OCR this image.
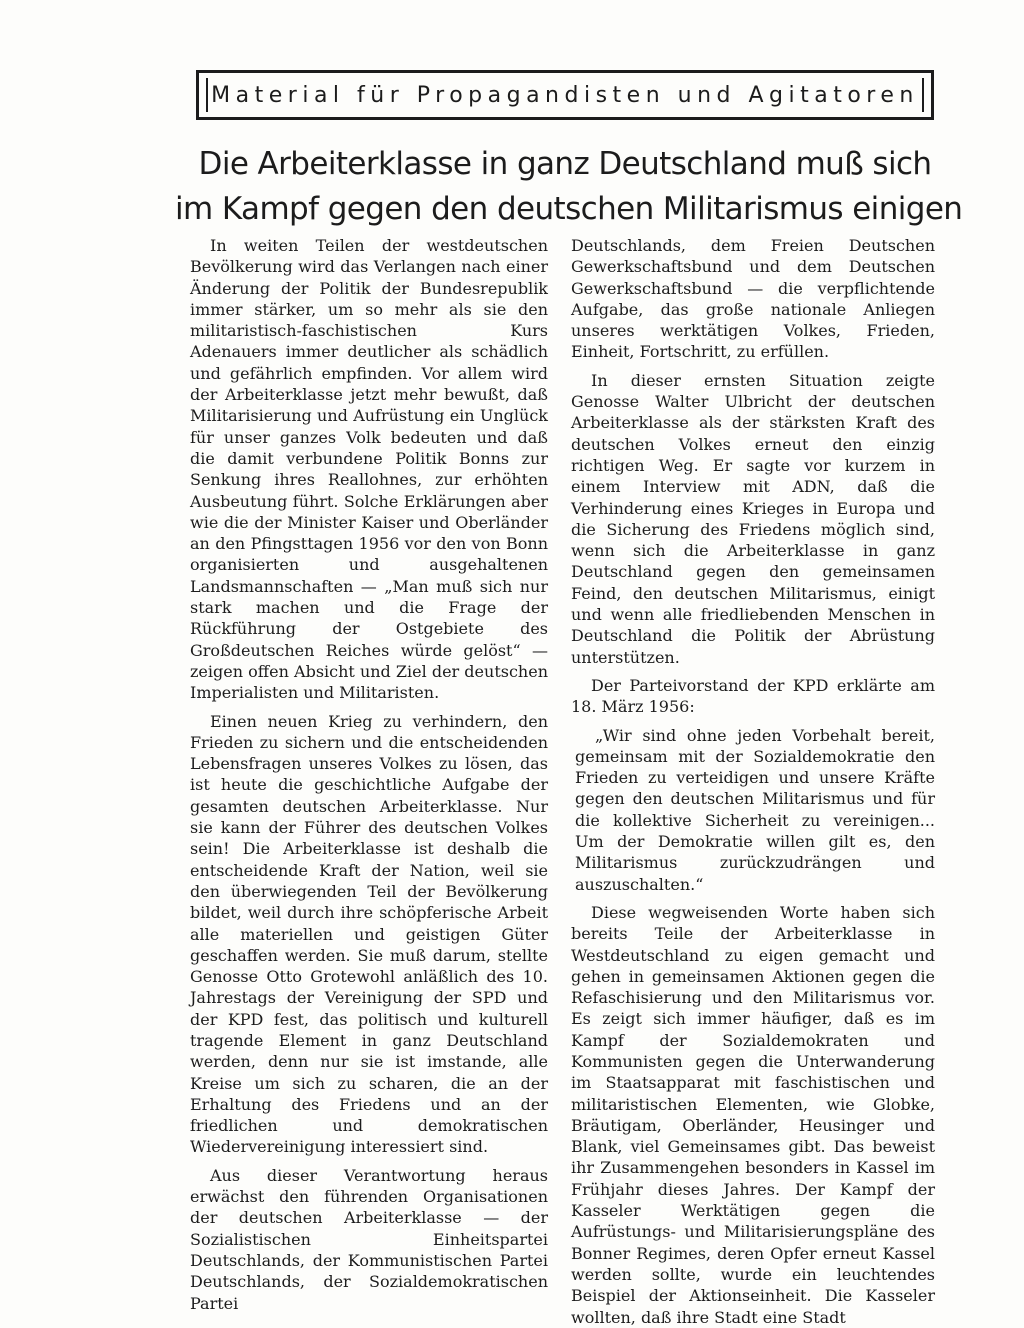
Material für Propagandisten und Agitatoren
Die Arbeiterklasse in ganz Deutschland muß sich
im Kampf gegen den deutschen Militarismus einigen

In weiten Teilen der westdeutschen Bevölkerung wird das Verlangen nach einer Änderung der Politik der Bundesrepublik immer stärker, um so mehr als sie den militaristisch-faschistischen Kurs Adenauers immer deutlicher als schädlich und gefährlich empfinden. Vor allem wird der Arbeiterklasse jetzt mehr bewußt, daß Militarisierung und Aufrüstung ein Unglück für unser ganzes Volk bedeuten und daß die damit verbundene Politik Bonns zur Senkung ihres Reallohnes, zur erhöhten Ausbeutung führt. Solche Erklärungen aber wie die der Minister Kaiser und Oberländer an den Pfingsttagen 1956 vor den von Bonn organisierten und ausgehaltenen Landsmannschaften — „Man muß sich nur stark machen und die Frage der Rückführung der Ostgebiete des Großdeutschen Reiches würde gelöst“ — zeigen offen Absicht und Ziel der deutschen Imperialisten und Militaristen.

Einen neuen Krieg zu verhindern, den Frieden zu sichern und die entscheidenden Lebensfragen unseres Volkes zu lösen, das ist heute die geschichtliche Aufgabe der gesamten deutschen Arbeiterklasse. Nur sie kann der Führer des deutschen Volkes sein! Die Arbeiterklasse ist deshalb die entscheidende Kraft der Nation, weil sie den überwiegenden Teil der Bevölkerung bildet, weil durch ihre schöpferische Arbeit alle materiellen und geistigen Güter geschaffen werden. Sie muß darum, stellte Genosse Otto Grotewohl anläßlich des 10. Jahrestags der Vereinigung der SPD und der KPD fest, das politisch und kulturell tragende Element in ganz Deutschland werden, denn nur sie ist imstande, alle Kreise um sich zu scharen, die an der Erhaltung des Friedens und an der friedlichen und demokratischen Wiedervereinigung interessiert sind.

Aus dieser Verantwortung heraus erwächst den führenden Organisationen der deutschen Arbeiterklasse — der Sozialistischen Einheitspartei Deutschlands, der Kommunistischen Partei Deutschlands, der Sozialdemokratischen Partei

Deutschlands, dem Freien Deutschen Gewerkschaftsbund und dem Deutschen Gewerkschaftsbund — die verpflichtende Aufgabe, das große nationale Anliegen unseres werktätigen Volkes, Frieden, Einheit, Fortschritt, zu erfüllen.

In dieser ernsten Situation zeigte Genosse Walter Ulbricht der deutschen Arbeiterklasse als der stärksten Kraft des deutschen Volkes erneut den einzig richtigen Weg. Er sagte vor kurzem in einem Interview mit ADN, daß die Verhinderung eines Krieges in Europa und die Sicherung des Friedens möglich sind, wenn sich die Arbeiterklasse in ganz Deutschland gegen den gemeinsamen Feind, den deutschen Militarismus, einigt und wenn alle friedliebenden Menschen in Deutschland die Politik der Abrüstung unterstützen.

Der Parteivorstand der KPD erklärte am 18. März 1956:

„Wir sind ohne jeden Vorbehalt bereit, gemeinsam mit der Sozialdemokratie den Frieden zu verteidigen und unsere Kräfte gegen den deutschen Militarismus und für die kollektive Sicherheit zu vereinigen... Um der Demokratie willen gilt es, den Militarismus zurückzudrängen und auszuschalten.“

Diese wegweisenden Worte haben sich bereits Teile der Arbeiterklasse in Westdeutschland zu eigen gemacht und gehen in gemeinsamen Aktionen gegen die Refaschisierung und den Militarismus vor. Es zeigt sich immer häufiger, daß es im Kampf der Sozialdemokraten und Kommunisten gegen die Unterwanderung im Staatsapparat mit faschistischen und militaristischen Elementen, wie Globke, Bräutigam, Oberländer, Heusinger und Blank, viel Gemeinsames gibt. Das beweist ihr Zusammengehen besonders in Kassel im Frühjahr dieses Jahres. Der Kampf der Kasseler Werktätigen gegen die Aufrüstungs- und Militarisierungspläne des Bonner Regimes, deren Opfer erneut Kassel werden sollte, wurde ein leuchtendes Beispiel der Aktionseinheit. Die Kasseler wollten, daß ihre Stadt eine Stadt
